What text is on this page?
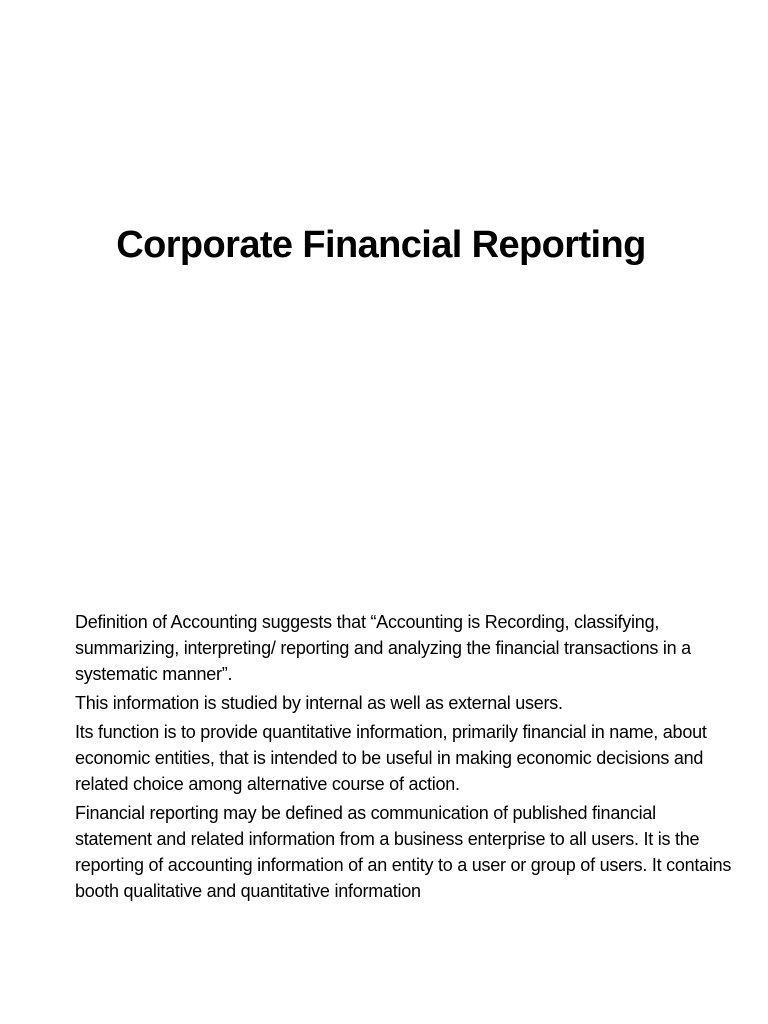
Corporate Financial Reporting

Definition of Accounting suggests that “Accounting is Recording, classifying, summarizing, interpreting/ reporting and analyzing the financial transactions in a systematic manner”.

This information is studied by internal as well as external users.

Its function is to provide quantitative information, primarily financial in name, about economic entities, that is intended to be useful in making economic decisions and related choice among alternative course of action.

Financial reporting may be defined as communication of published financial statement and related information from a business enterprise to all users. It is the reporting of accounting information of an entity to a user or group of users. It contains booth qualitative and quantitative information
